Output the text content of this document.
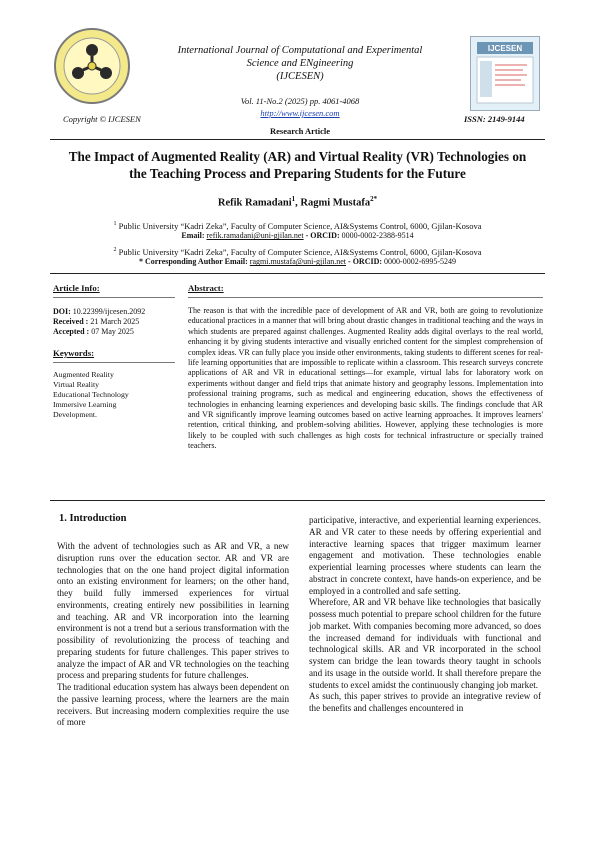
International Journal of Computational and Experimental
Science and ENgineering
(IJCESEN)
Vol. 11-No.2 (2025) pp. 4061-4068
http://www.ijcesen.com
Copyright © IJCESEN	ISSN: 2149-9144
Research Article
IJCESEN
The Impact of Augmented Reality (AR) and Virtual Reality (VR) Technologies on
the Teaching Process and Preparing Students for the Future
Refik Ramadani$^1$, Ragmi Mustafa$^{2*}$
$^1$ Public University “Kadri Zeka”, Faculty of Computer Science, AI&Systems Control, 6000, Gjilan-Kosova
Email: refik.ramadani@uni-gjilan.net - ORCID: 0000-0002-2388-9514
$^2$ Public University “Kadri Zeka”, Faculty of Computer Science, AI&Systems Control, 6000, Gjilan-Kosova
* Corresponding Author Email: ragmi.mustafa@uni-gjilan.net - ORCID: 0000-0002-6995-5249
Article Info:
DOI: 10.22399/ijcesen.2092
Received : 21 March 2025
Accepted : 07 May 2025
Keywords:
Augmented Reality
Virtual Reality
Educational Technology
Immersive Learning
Development.
Abstract:
The reason is that with the incredible pace of development of AR and VR, both are going to revolutionize educational practices in a manner that will bring about drastic changes in traditional teaching and the ways in which students are prepared against challenges. Augmented Reality adds digital overlays to the real world, enhancing it by giving students interactive and visually enriched content for the simplest comprehension of complex ideas. VR can fully place you inside other environments, taking students to different scenes for real-life learning opportunities that are impossible to replicate within a classroom. This research surveys concrete applications of AR and VR in educational settings—for example, virtual labs for laboratory work on experiments without danger and field trips that animate history and geography lessons. Implementation into professional training programs, such as medical and engineering education, shows the effectiveness of technologies in enhancing learning experiences and developing basic skills. The findings conclude that AR and VR significantly improve learning outcomes based on active learning approaches. It improves learners' retention, critical thinking, and problem-solving abilities. However, applying these technologies is more likely to be coupled with such challenges as high costs for technical infrastructure or specially trained teachers.
1. Introduction

With the advent of technologies such as AR and VR, a new disruption runs over the education sector. AR and VR are technologies that on the one hand project digital information onto an existing environment for learners; on the other hand, they build fully immersed experiences for virtual environments, creating entirely new possibilities in learning and teaching. AR and VR incorporation into the learning environment is not a trend but a serious transformation with the possibility of revolutionizing the process of teaching and preparing students for future challenges. This paper strives to analyze the impact of AR and VR technologies on the teaching process and preparing students for future challenges.

The traditional education system has always been dependent on the passive learning process, where the learners are the main receivers. But increasing modern complexities require the use of more

participative, interactive, and experiential learning experiences. AR and VR cater to these needs by offering experiential and interactive learning spaces that trigger maximum learner engagement and motivation. These technologies enable experiential learning processes where students can learn the abstract in concrete context, have hands-on experience, and be employed in a controlled and safe setting.

Wherefore, AR and VR behave like technologies that basically possess much potential to prepare school children for the future job market. With companies becoming more advanced, so does the increased demand for individuals with functional and technological skills. AR and VR incorporated in the school system can bridge the lean towards theory taught in schools and its usage in the outside world. It shall therefore prepare the students to excel amidst the continuously changing job market.

As such, this paper strives to provide an integrative review of the benefits and challenges encountered in
